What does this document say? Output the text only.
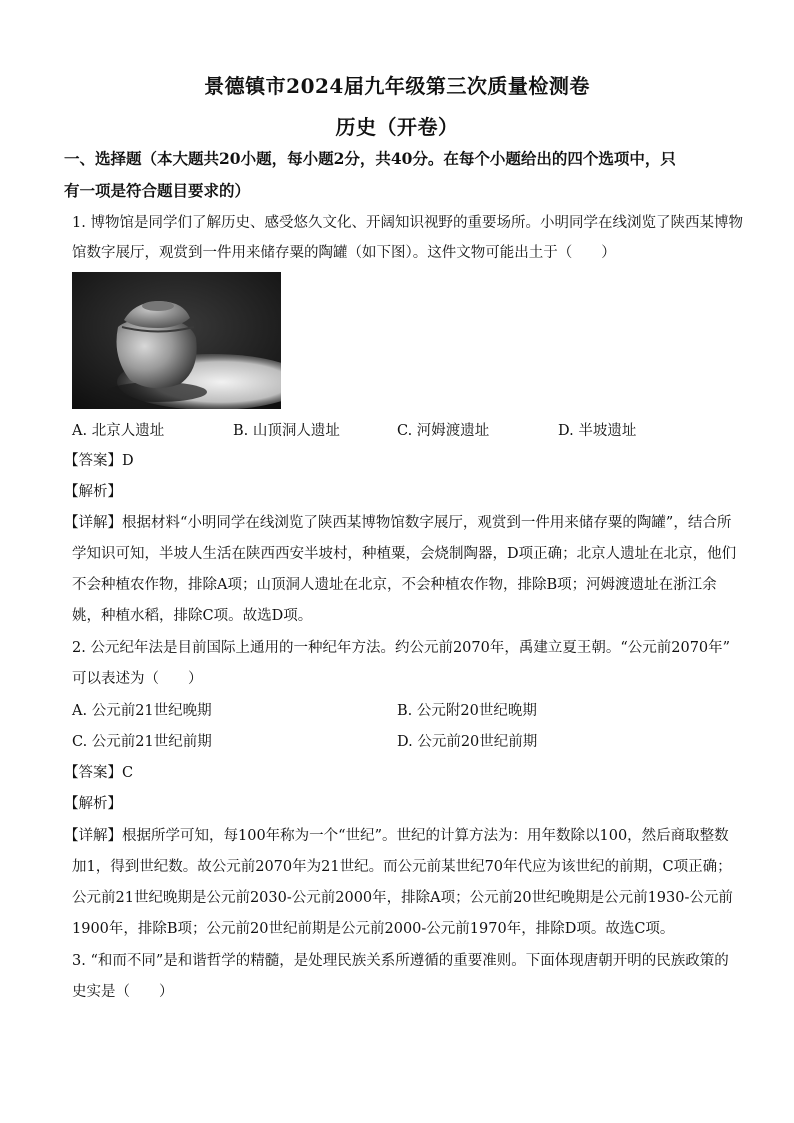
景德镇市2024届九年级第三次质量检测卷
历史（开卷）
一、选择题（本大题共20小题，每小题2分，共40分。在每个小题给出的四个选项中，只
有一项是符合题目要求的）
1. 博物馆是同学们了解历史、感受悠久文化、开阔知识视野的重要场所。小明同学在线浏览了陕西某博物
馆数字展厅，观赏到一件用来储存粟的陶罐（如下图）。这件文物可能出土于（　　）
A. 北京人遗址	B. 山顶洞人遗址	C. 河姆渡遗址	D. 半坡遗址
【答案】D
【解析】
【详解】根据材料“小明同学在线浏览了陕西某博物馆数字展厅，观赏到一件用来储存粟的陶罐”，结合所
学知识可知，半坡人生活在陕西西安半坡村，种植粟，会烧制陶器，D项正确；北京人遗址在北京，他们
不会种植农作物，排除A项；山顶洞人遗址在北京，不会种植农作物，排除B项；河姆渡遗址在浙江余
姚，种植水稻，排除C项。故选D项。
2. 公元纪年法是目前国际上通用的一种纪年方法。约公元前2070年，禹建立夏王朝。“公元前2070年”
可以表述为（　　）
A. 公元前21世纪晚期	B. 公元附20世纪晚期
C. 公元前21世纪前期	D. 公元前20世纪前期
【答案】C
【解析】
【详解】根据所学可知，每100年称为一个“世纪”。世纪的计算方法为：用年数除以100，然后商取整数
加1，得到世纪数。故公元前2070年为21世纪。而公元前某世纪70年代应为该世纪的前期，C项正确；
公元前21世纪晚期是公元前2030-公元前2000年，排除A项；公元前20世纪晚期是公元前1930-公元前
1900年，排除B项；公元前20世纪前期是公元前2000-公元前1970年，排除D项。故选C项。
3. “和而不同”是和谐哲学的精髓，是处理民族关系所遵循的重要准则。下面体现唐朝开明的民族政策的
史实是（　　）
